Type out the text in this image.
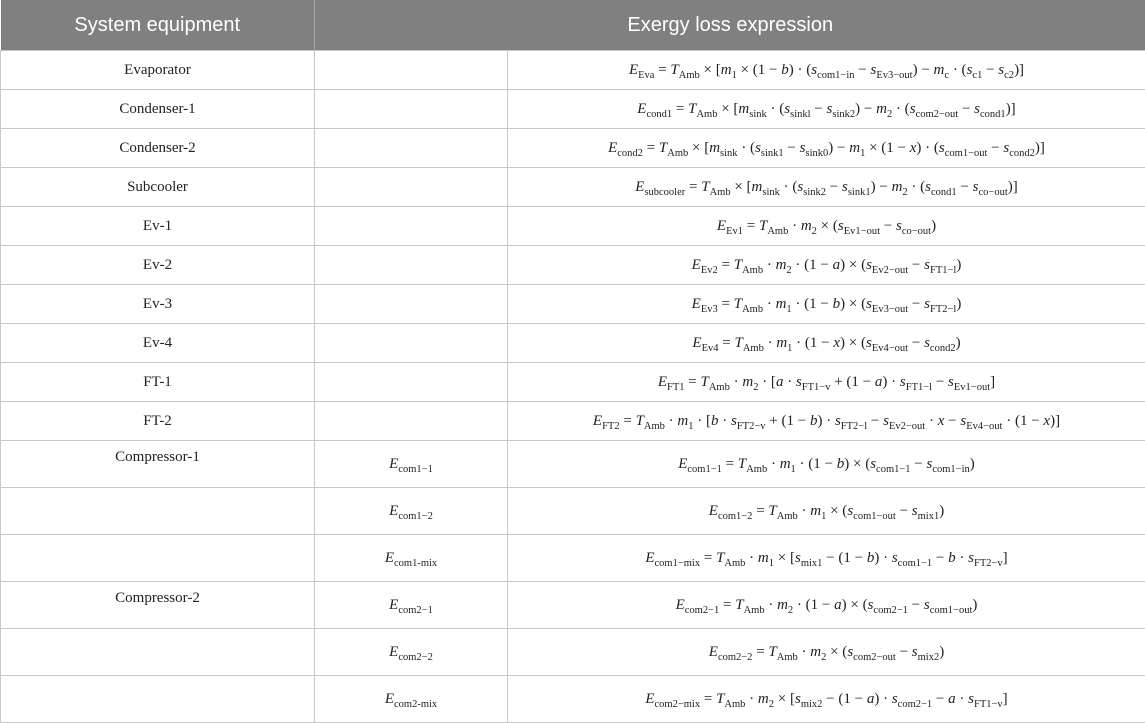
System equipment	Exergy loss expression	
Evaporator		$E_{Eva} = T_{Amb} \times [m_1 \times (1 - b) \cdot (s_{com1-in} - s_{Ev3-out}) - m_c \cdot (s_{c1} - s_{c2})]$
Condenser-1		$E_{cond1} = T_{Amb} \times [m_{sink} \cdot (s_{sinkl} - s_{sink2}) - m_2 \cdot (s_{com2-out} - s_{cond1})]$
Condenser-2		$E_{cond2} = T_{Amb} \times [m_{sink} \cdot (s_{sink1} - s_{sink0}) - m_1 \times (1 - x) \cdot (s_{com1-out} - s_{cond2})]$
Subcooler		$E_{subcooler} = T_{Amb} \times [m_{sink} \cdot (s_{sink2} - s_{sink1}) - m_2 \cdot (s_{cond1} - s_{co-out})]$
Ev-1		$E_{Ev1} = T_{Amb} \cdot m_2 \times (s_{Ev1-out} - s_{co-out})$
Ev-2		$E_{Ev2} = T_{Amb} \cdot m_2 \cdot (1 - a) \times (s_{Ev2-out} - s_{FT1-l})$
Ev-3		$E_{Ev3} = T_{Amb} \cdot m_1 \cdot (1 - b) \times (s_{Ev3-out} - s_{FT2-l})$
Ev-4		$E_{Ev4} = T_{Amb} \cdot m_1 \cdot (1 - x) \times (s_{Ev4-out} - s_{cond2})$
FT-1		$E_{FT1} = T_{Amb} \cdot m_2 \cdot [a \cdot s_{FT1-v} + (1 - a) \cdot s_{FT1-l} - s_{Ev1-out}]$
FT-2		$E_{FT2} = T_{Amb} \cdot m_1 \cdot [b \cdot s_{FT2-v} + (1 - b) \cdot s_{FT2-l} - s_{Ev2-out} \cdot x - s_{Ev4-out} \cdot (1 - x)]$
Compressor-1	$E_{com1-1}$	$E_{com1-1} = T_{Amb} \cdot m_1 \cdot (1 - b) \times (s_{com1-1} - s_{com1-in})$
	$E_{com1-2}$	$E_{com1-2} = T_{Amb} \cdot m_1 \times (s_{com1-out} - s_{mix1})$
	$E_{com1-mix}$	$E_{com1-mix} = T_{Amb} \cdot m_1 \times [s_{mix1} - (1 - b) \cdot s_{com1-1} - b \cdot s_{FT2-v}]$
Compressor-2	$E_{com2-1}$	$E_{com2-1} = T_{Amb} \cdot m_2 \cdot (1 - a) \times (s_{com2-1} - s_{com1-out})$
	$E_{com2-2}$	$E_{com2-2} = T_{Amb} \cdot m_2 \times (s_{com2-out} - s_{mix2})$
	$E_{com2-mix}$	$E_{com2-mix} = T_{Amb} \cdot m_2 \times [s_{mix2} - (1 - a) \cdot s_{com2-1} - a \cdot s_{FT1-v}]$
